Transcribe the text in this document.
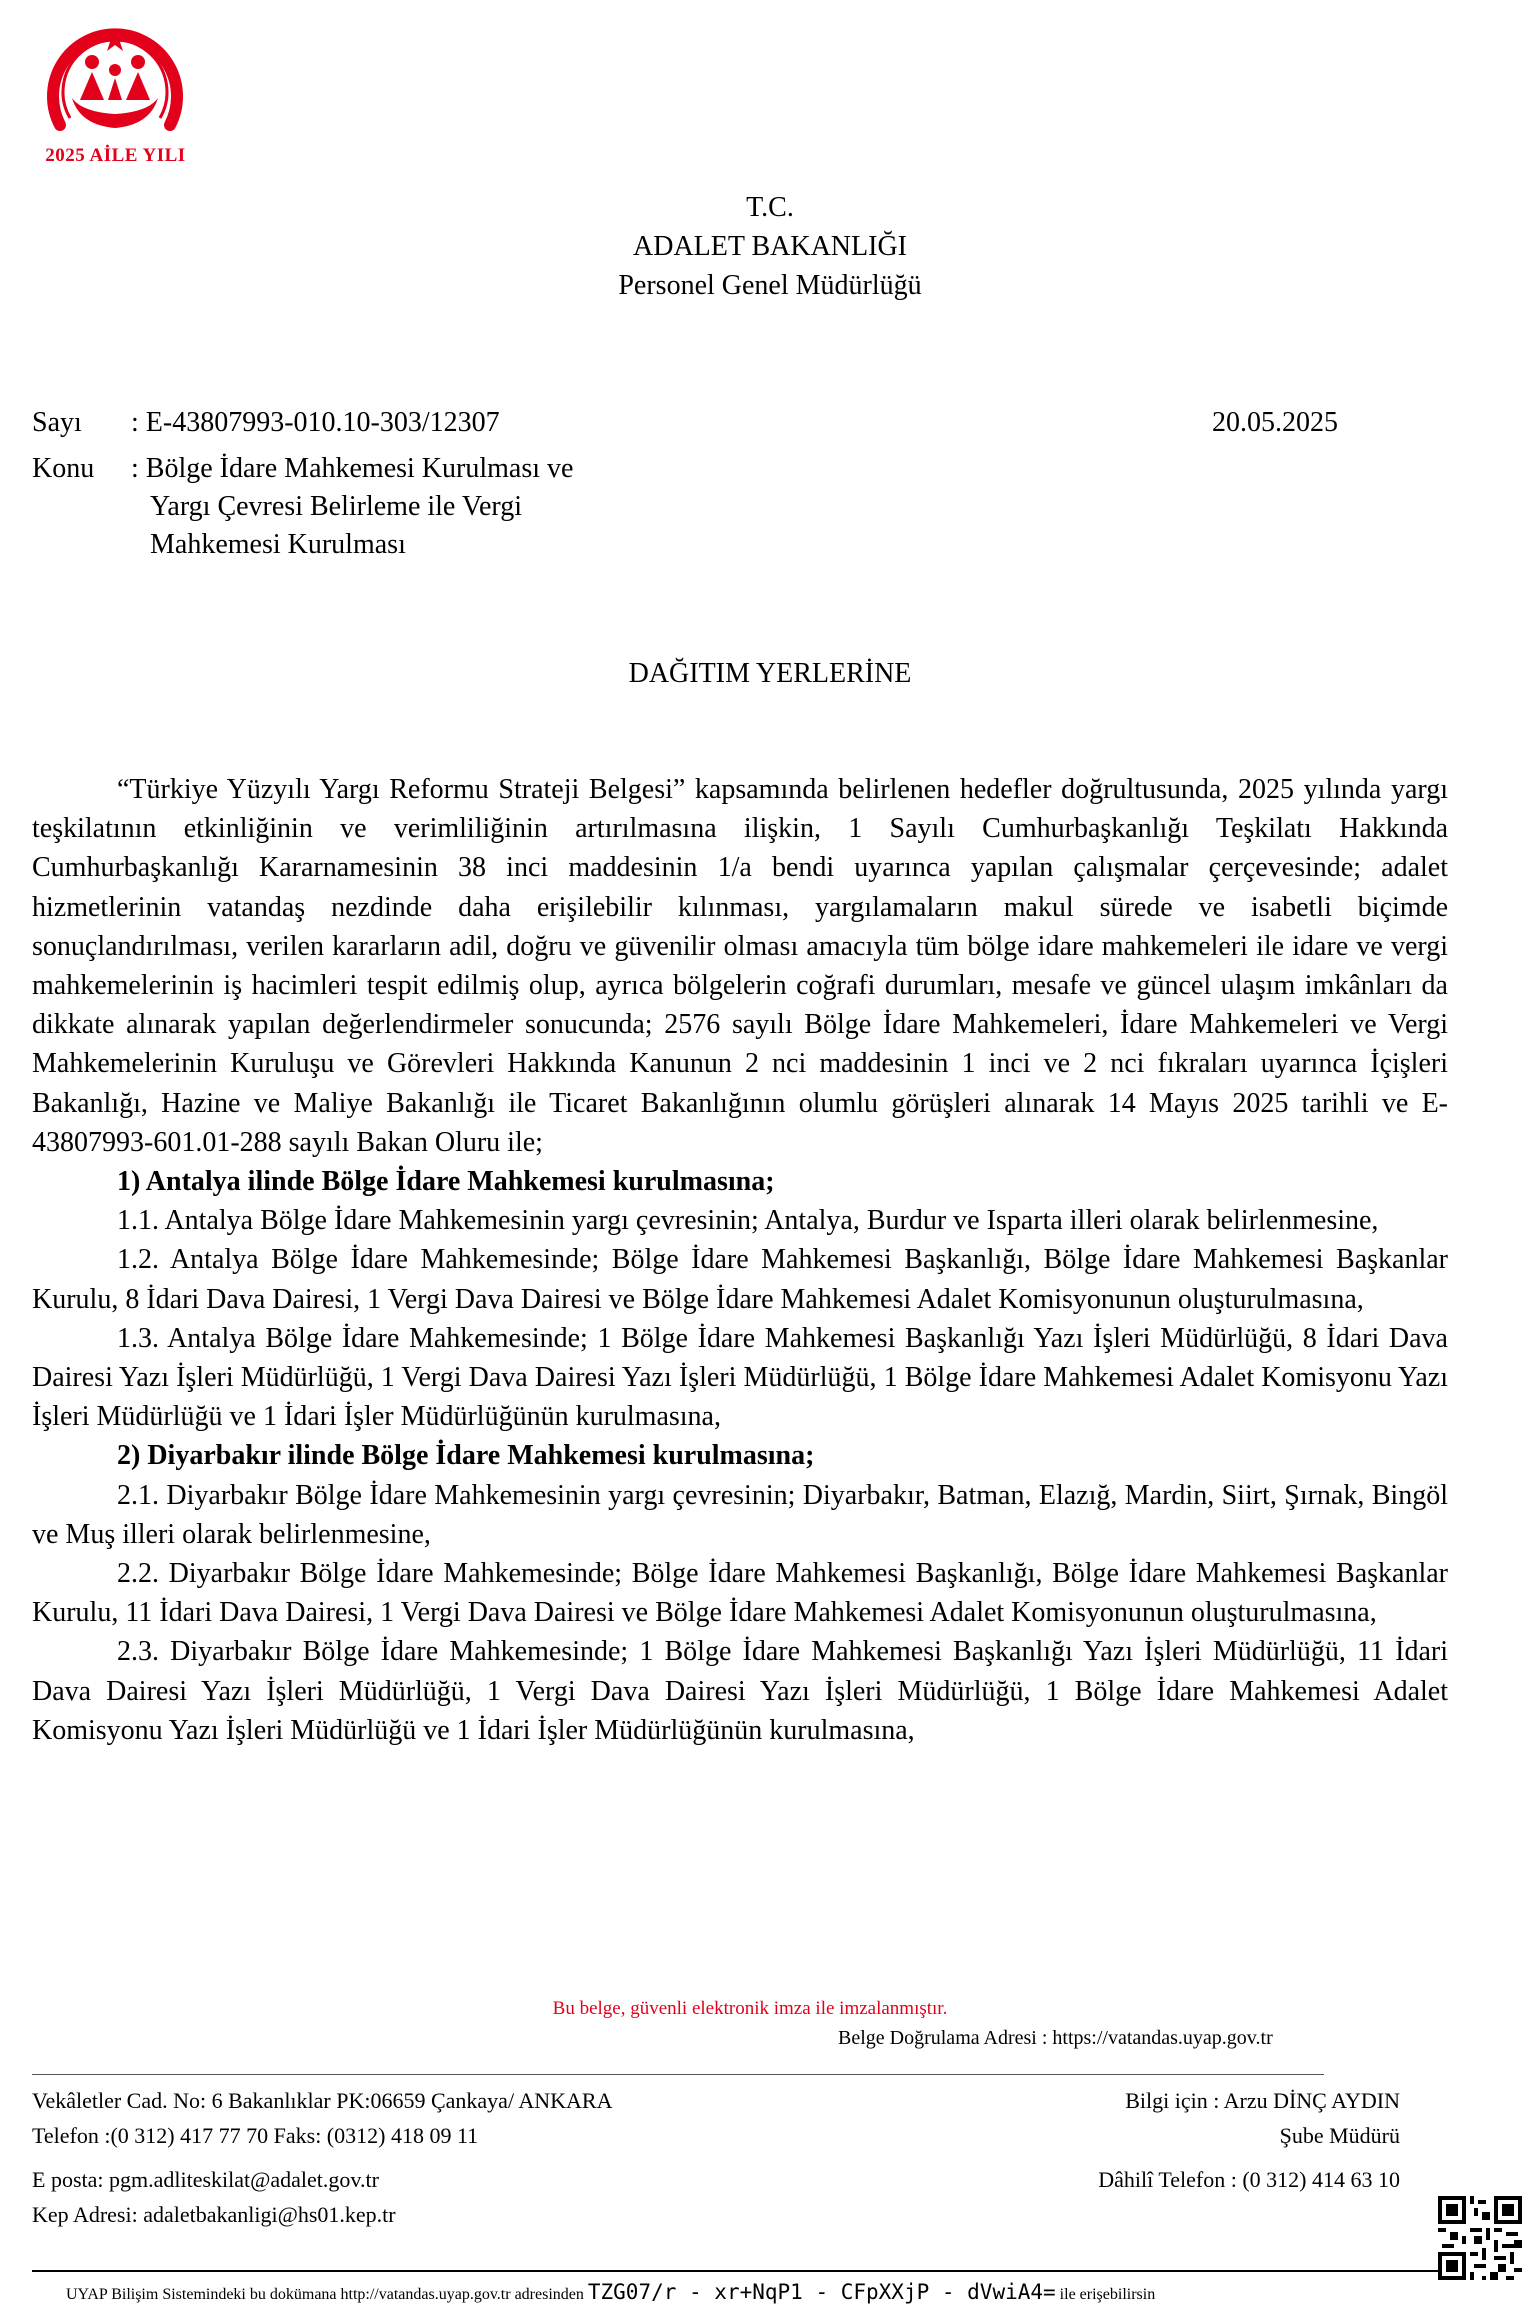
2025 AİLE YILI
T.C.
ADALET BAKANLIĞI
Personel Genel Müdürlüğü
Sayı : E-43807993-010.10-303/12307	20.05.2025
Konu : Bölge İdare Mahkemesi Kurulması ve
Yargı Çevresi Belirleme ile Vergi
Mahkemesi Kurulması
DAĞITIM YERLERİNE

“Türkiye Yüzyılı Yargı Reformu Strateji Belgesi” kapsamında belirlenen hedefler doğrultusunda, 2025 yılında yargı teşkilatının etkinliğinin ve verimliliğinin artırılmasına ilişkin, 1 Sayılı Cumhurbaşkanlığı Teşkilatı Hakkında Cumhurbaşkanlığı Kararnamesinin 38 inci maddesinin 1/a bendi uyarınca yapılan çalışmalar çerçevesinde; adalet hizmetlerinin vatandaş nezdinde daha erişilebilir kılınması, yargılamaların makul sürede ve isabetli biçimde sonuçlandırılması, verilen kararların adil, doğru ve güvenilir olması amacıyla tüm bölge idare mahkemeleri ile idare ve vergi mahkemelerinin iş hacimleri tespit edilmiş olup, ayrıca bölgelerin coğrafi durumları, mesafe ve güncel ulaşım imkânları da dikkate alınarak yapılan değerlendirmeler sonucunda; 2576 sayılı Bölge İdare Mahkemeleri, İdare Mahkemeleri ve Vergi Mahkemelerinin Kuruluşu ve Görevleri Hakkında Kanunun 2 nci maddesinin 1 inci ve 2 nci fıkraları uyarınca İçişleri Bakanlığı, Hazine ve Maliye Bakanlığı ile Ticaret Bakanlığının olumlu görüşleri alınarak 14 Mayıs 2025 tarihli ve E-43807993-601.01-288 sayılı Bakan Oluru ile;

1) Antalya ilinde Bölge İdare Mahkemesi kurulmasına;

1.1. Antalya Bölge İdare Mahkemesinin yargı çevresinin; Antalya, Burdur ve Isparta illeri olarak belirlenmesine,

1.2. Antalya Bölge İdare Mahkemesinde; Bölge İdare Mahkemesi Başkanlığı, Bölge İdare Mahkemesi Başkanlar Kurulu, 8 İdari Dava Dairesi, 1 Vergi Dava Dairesi ve Bölge İdare Mahkemesi Adalet Komisyonunun oluşturulmasına,

1.3. Antalya Bölge İdare Mahkemesinde; 1 Bölge İdare Mahkemesi Başkanlığı Yazı İşleri Müdürlüğü, 8 İdari Dava Dairesi Yazı İşleri Müdürlüğü, 1 Vergi Dava Dairesi Yazı İşleri Müdürlüğü, 1 Bölge İdare Mahkemesi Adalet Komisyonu Yazı İşleri Müdürlüğü ve 1 İdari İşler Müdürlüğünün kurulmasına,

2) Diyarbakır ilinde Bölge İdare Mahkemesi kurulmasına;

2.1. Diyarbakır Bölge İdare Mahkemesinin yargı çevresinin; Diyarbakır, Batman, Elazığ, Mardin, Siirt, Şırnak, Bingöl ve Muş illeri olarak belirlenmesine,

2.2. Diyarbakır Bölge İdare Mahkemesinde; Bölge İdare Mahkemesi Başkanlığı, Bölge İdare Mahkemesi Başkanlar Kurulu, 11 İdari Dava Dairesi, 1 Vergi Dava Dairesi ve Bölge İdare Mahkemesi Adalet Komisyonunun oluşturulmasına,

2.3. Diyarbakır Bölge İdare Mahkemesinde; 1 Bölge İdare Mahkemesi Başkanlığı Yazı İşleri Müdürlüğü, 11 İdari Dava Dairesi Yazı İşleri Müdürlüğü, 1 Vergi Dava Dairesi Yazı İşleri Müdürlüğü, 1 Bölge İdare Mahkemesi Adalet Komisyonu Yazı İşleri Müdürlüğü ve 1 İdari İşler Müdürlüğünün kurulmasına,

Bu belge, güvenli elektronik imza ile imzalanmıştır.
Belge Doğrulama Adresi : https://vatandas.uyap.gov.tr
Vekâletler Cad. No: 6 Bakanlıklar PK:06659 Çankaya/ ANKARA
Telefon :(0 312) 417 77 70 Faks: (0312) 418 09 11
E posta: pgm.adliteskilat@adalet.gov.tr
Kep Adresi: adaletbakanligi@hs01.kep.tr
Bilgi için : Arzu DİNÇ AYDIN
Şube Müdürü
Dâhilî Telefon : (0 312) 414 63 10
UYAP Bilişim Sistemindeki bu dokümana http://vatandas.uyap.gov.tr adresinden TZG07/r - xr+NqP1 - CFpXXjP - dVwiA4= ile erişebilirsin
